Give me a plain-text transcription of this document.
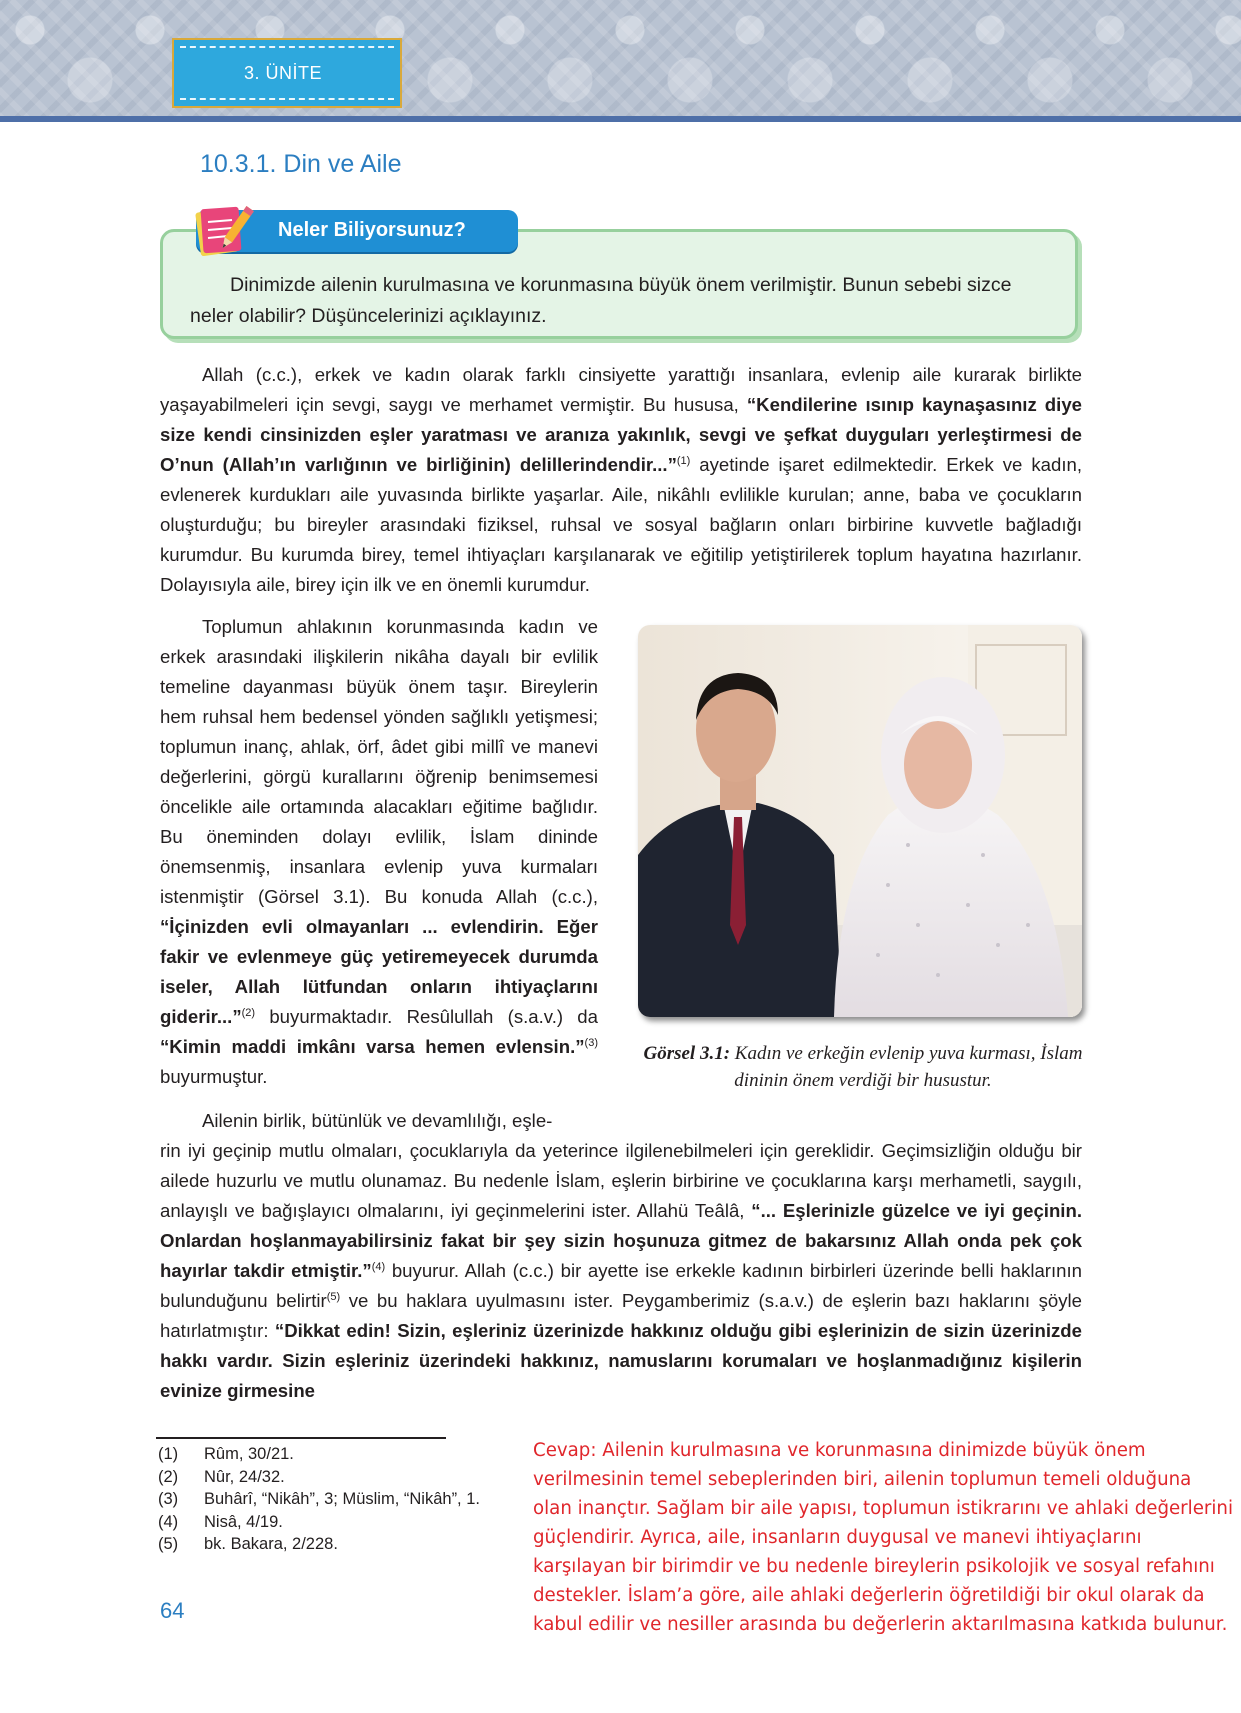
3. ÜNİTE
10.3.1. Din ve Aile
Neler Biliyorsunuz?
Dinimizde ailenin kurulmasına ve korunmasına büyük önem verilmiştir. Bunun sebebi sizce neler olabilir? Düşüncelerinizi açıklayınız.
Allah (c.c.), erkek ve kadın olarak farklı cinsiyette yarattığı insanlara, evlenip aile kurarak birlikte yaşayabilmeleri için sevgi, saygı ve merhamet vermiştir. Bu hususa, “Kendilerine ısınıp kaynaşasınız diye size kendi cinsinizden eşler yaratması ve aranıza yakınlık, sevgi ve şefkat duyguları yerleştirmesi de O’nun (Allah’ın varlığının ve birliğinin) delillerindendir...”$^{(1)}$ ayetinde işaret edilmektedir. Erkek ve kadın, evlenerek kurdukları aile yuvasında birlikte yaşarlar. Aile, nikâhlı evlilikle kurulan; anne, baba ve çocukların oluşturduğu; bu bireyler arasındaki fiziksel, ruhsal ve sosyal bağların onları birbirine kuvvetle bağladığı kurumdur. Bu kurumda birey, temel ihtiyaçları karşılanarak ve eğitilip yetiştirilerek toplum hayatına hazırlanır. Dolayısıyla aile, birey için ilk ve en önemli kurumdur.
Toplumun ahlakının korunmasında kadın ve erkek arasındaki ilişkilerin nikâha dayalı bir evlilik temeline dayanması büyük önem taşır. Bireylerin hem ruhsal hem bedensel yönden sağlıklı yetişmesi; toplumun inanç, ahlak, örf, âdet gibi millî ve manevi değerlerini, görgü kurallarını öğrenip benimsemesi öncelikle aile ortamında alacakları eğitime bağlıdır. Bu öneminden dolayı evlilik, İslam dininde önemsenmiş, insanlara evlenip yuva kurmaları istenmiştir (Görsel 3.1). Bu konuda Allah (c.c.), “İçinizden evli olmayanları ... evlendirin. Eğer fakir ve evlenmeye güç yetiremeyecek durumda iseler, Allah lütfundan onların ihtiyaçlarını giderir...”$^{(2)}$ buyurmaktadır. Resûlullah (s.a.v.) da “Kimin maddi imkânı varsa hemen evlensin.”$^{(3)}$ buyurmuştur.
Görsel 3.1: Kadın ve erkeğin evlenip yuva kurması, İslam dininin önem verdiği bir husustur.
Ailenin birlik, bütünlük ve devamlılığı, eşle-
rin iyi geçinip mutlu olmaları, çocuklarıyla da yeterince ilgilenebilmeleri için gereklidir. Geçimsizliğin olduğu bir ailede huzurlu ve mutlu olunamaz. Bu nedenle İslam, eşlerin birbirine ve çocuklarına karşı merhametli, saygılı, anlayışlı ve bağışlayıcı olmalarını, iyi geçinmelerini ister. Allahü Teâlâ, “... Eşlerinizle güzelce ve iyi geçinin. Onlardan hoşlanmayabilirsiniz fakat bir şey sizin hoşunuza gitmez de bakarsınız Allah onda pek çok hayırlar takdir etmiştir.”$^{(4)}$ buyurur. Allah (c.c.) bir ayette ise erkekle kadının birbirleri üzerinde belli haklarının bulunduğunu belirtir$^{(5)}$ ve bu haklara uyulmasını ister. Peygamberimiz (s.a.v.) de eşlerin bazı haklarını şöyle hatırlatmıştır: “Dikkat edin! Sizin, eşleriniz üzerinizde hakkınız olduğu gibi eşlerinizin de sizin üzerinizde hakkı vardır. Sizin eşleriniz üzerindeki hakkınız, namuslarını korumaları ve hoşlanmadığınız kişilerin evinize girmesine
(1)	Rûm, 30/21.
(2)	Nûr, 24/32.
(3)	Buhârî, “Nikâh”, 3; Müslim, “Nikâh”, 1.
(4)	Nisâ, 4/19.
(5)	bk. Bakara, 2/228.
64
Cevap: Ailenin kurulmasına ve korunmasına dinimizde büyük önem verilmesinin temel sebeplerinden biri, ailenin toplumun temeli olduğuna olan inançtır. Sağlam bir aile yapısı, toplumun istikrarını ve ahlaki değerlerini güçlendirir. Ayrıca, aile, insanların duygusal ve manevi ihtiyaçlarını karşılayan bir birimdir ve bu nedenle bireylerin psikolojik ve sosyal refahını destekler. İslam’a göre, aile ahlaki değerlerin öğretildiği bir okul olarak da kabul edilir ve nesiller arasında bu değerlerin aktarılmasına katkıda bulunur.
